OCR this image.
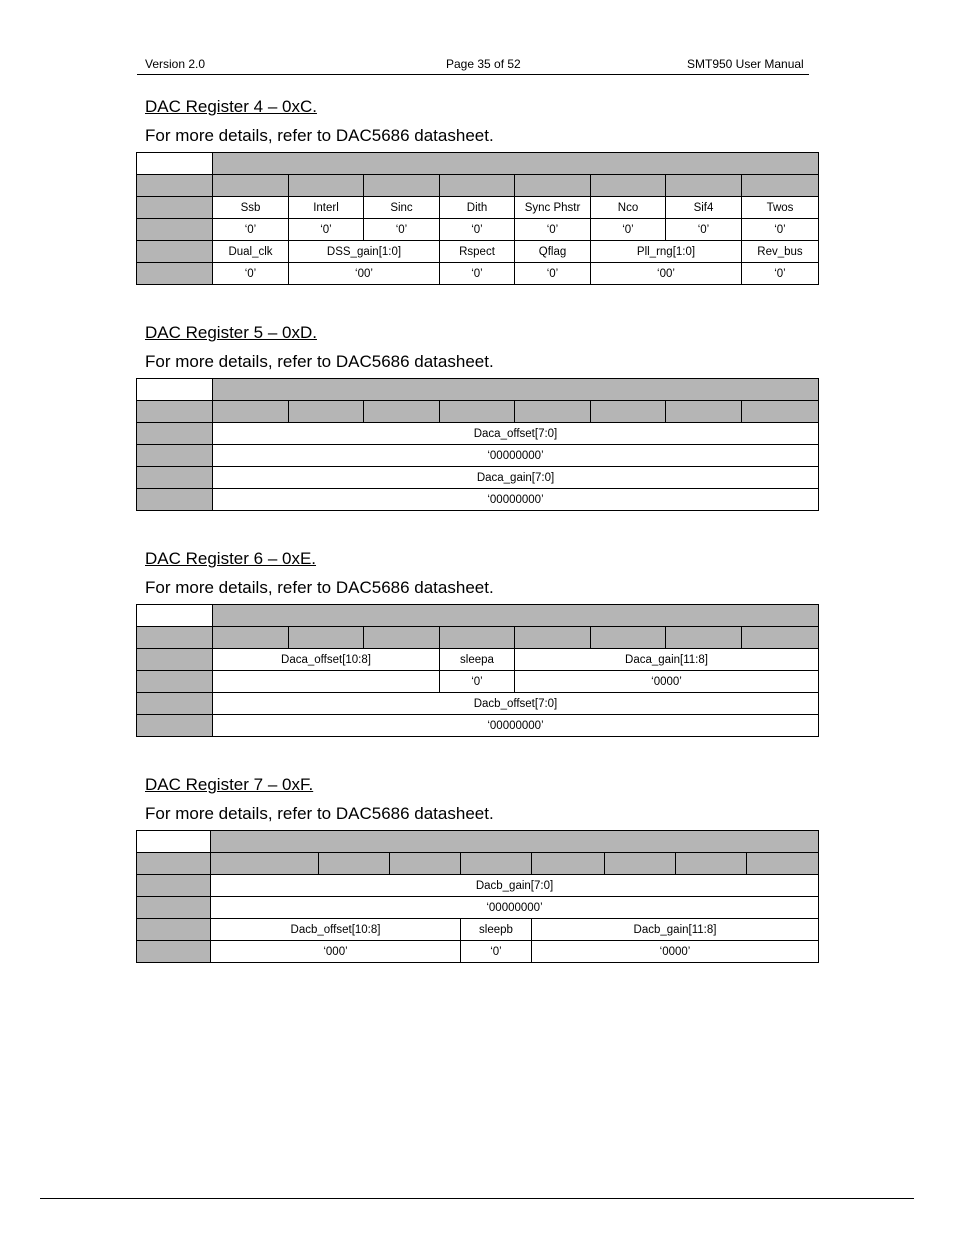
Version 2.0	Page 35 of 52	SMT950 User Manual
DAC Register 4 – 0xC.
For more details, refer to DAC5686 datasheet.

	Ssb	Interl	Sinc	Dith	Sync Phstr	Nco	Sif4	Twos
	‘0’	‘0’	‘0’	‘0’	‘0’	‘0’	‘0’	‘0’
	Dual_clk	DSS_gain[1:0]		Rspect	Qflag	Pll_rng[1:0]		Rev_bus
	‘0’	‘00’		‘0’	‘0’	‘00’		‘0’
DAC Register 5 – 0xD.
For more details, refer to DAC5686 datasheet.

	Daca_offset[7:0]							
	‘00000000’							
	Daca_gain[7:0]							
	‘00000000’							
DAC Register 6 – 0xE.
For more details, refer to DAC5686 datasheet.

	Daca_offset[10:8]			sleepa	Daca_gain[11:8]			
				‘0’	‘0000’			
	Dacb_offset[7:0]							
	‘00000000’							
DAC Register 7 – 0xF.
For more details, refer to DAC5686 datasheet.

	Dacb_gain[7:0]							
	‘00000000’							
	Dacb_offset[10:8]			sleepb	Dacb_gain[11:8]			
	‘000’			‘0’	‘0000’			
